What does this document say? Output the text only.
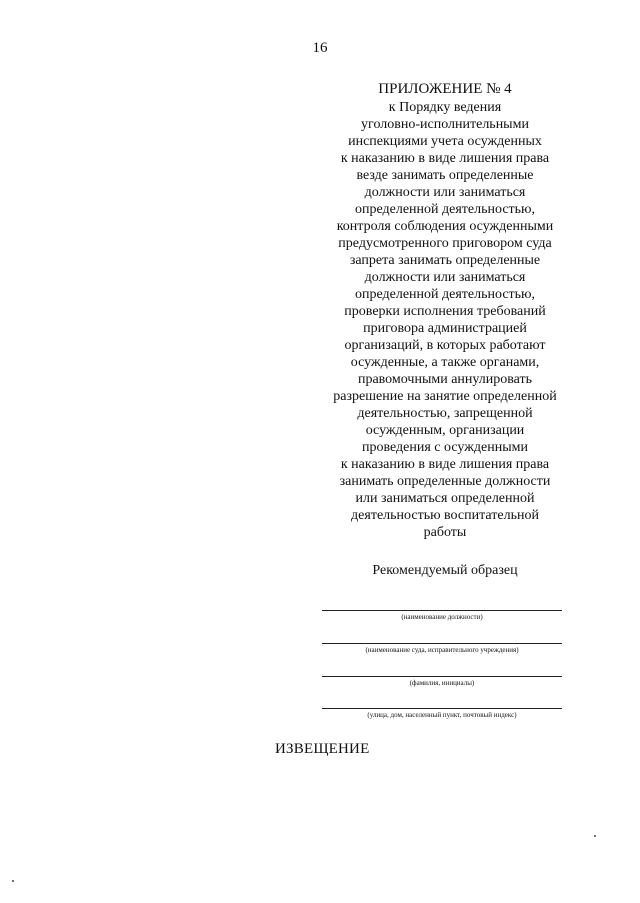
16
ПРИЛОЖЕНИЕ № 4
к Порядку ведения
уголовно-исполнительными
инспекциями учета осужденных
к наказанию в виде лишения права
везде занимать определенные
должности или заниматься
определенной деятельностью,
контроля соблюдения осужденными
предусмотренного приговором суда
запрета занимать определенные
должности или заниматься
определенной деятельностью,
проверки исполнения требований
приговора администрацией
организаций, в которых работают
осужденные, а также органами,
правомочными аннулировать
разрешение на занятие определенной
деятельностью, запрещенной
осужденным, организации
проведения с осужденными
к наказанию в виде лишения права
занимать определенные должности
или заниматься определенной
деятельностью воспитательной
работы
Рекомендуемый образец
(наименование должности)
(наименование суда, исправительного учреждения)
(фамилия, инициалы)
(улица, дом, населенный пункт, почтовый индекс)
ИЗВЕЩЕНИЕ
